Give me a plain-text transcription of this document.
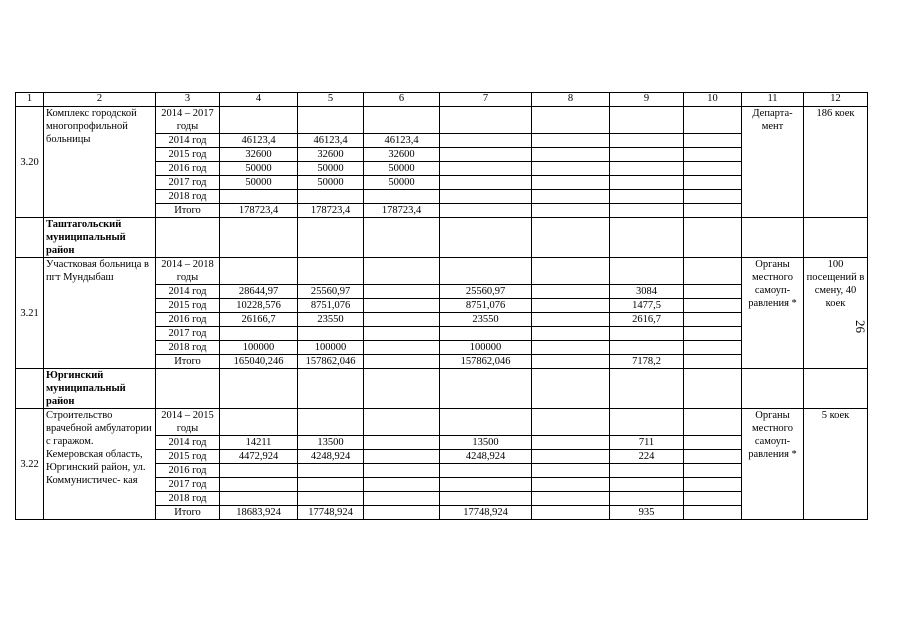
1	2	3	4	5	6	7	8	9	10	11	12
3.20	Комплекс городской многопрофильной больницы	2014 – 2017 годы								Департа- мент	186 коек
		2014 год	46123,4	46123,4	46123,4						
		2015 год	32600	32600	32600						
		2016 год	50000	50000	50000						
		2017 год	50000	50000	50000						
		2018 год									
		Итого	178723,4	178723,4	178723,4						
	Таштагольский муниципальный район										
3.21	Участковая больница в пгт Мундыбаш	2014 – 2018 годы								Органы местного самоуп- равления *	100 посещений в смену, 40 коек
		2014 год	28644,97	25560,97		25560,97		3084			
		2015 год	10228,576	8751,076		8751,076		1477,5			
		2016 год	26166,7	23550		23550		2616,7			
		2017 год									
		2018 год	100000	100000		100000					
		Итого	165040,246	157862,046		157862,046		7178,2			
	Юргинский муниципальный район										
3.22	Строительство врачебной амбулатории с гаражом. Кемеровская область, Юргинский район, ул. Коммунистичес- кая	2014 – 2015 годы								Органы местного самоуп- равления *	5 коек
		2014 год	14211	13500		13500		711			
		2015 год	4472,924	4248,924		4248,924		224			
		2016 год									
		2017 год									
		2018 год									
		Итого	18683,924	17748,924		17748,924		935			
26
